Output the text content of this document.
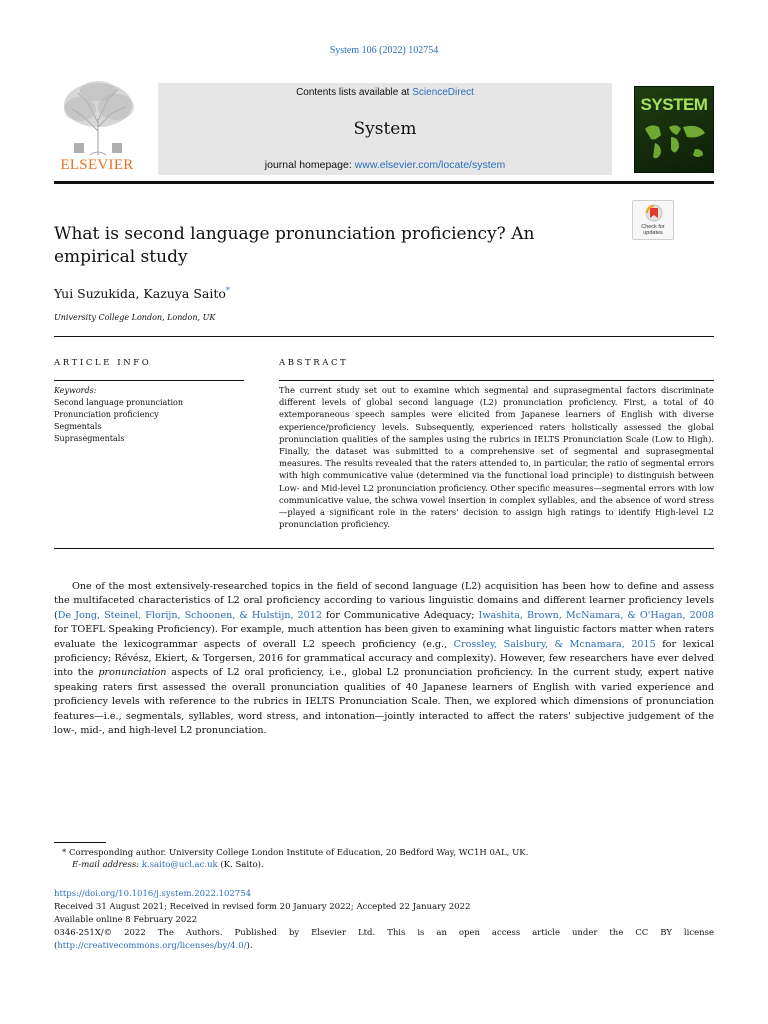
System 106 (2022) 102754
ELSEVIER
Contents lists available at ScienceDirect
System
journal homepage: www.elsevier.com/locate/system
SYSTEM
What is second language pronunciation proficiency? An empirical study
Check for
updates
Yui Suzukida, Kazuya Saito*
University College London, London, UK
ARTICLE INFO	ABSTRACT
Keywords:
Second language pronunciation
Pronunciation proficiency
Segmentals
Suprasegmentals
The current study set out to examine which segmental and suprasegmental factors discriminate different levels of global second language (L2) pronunciation proficiency. First, a total of 40 extemporaneous speech samples were elicited from Japanese learners of English with diverse experience/proficiency levels. Subsequently, experienced raters holistically assessed the global pronunciation qualities of the samples using the rubrics in IELTS Pronunciation Scale (Low to High). Finally, the dataset was submitted to a comprehensive set of segmental and suprasegmental measures. The results revealed that the raters attended to, in particular, the ratio of segmental errors with high communicative value (determined via the functional load principle) to distinguish between Low- and Mid-level L2 pronunciation proficiency. Other specific measures—segmental errors with low communicative value, the schwa vowel insertion in complex syllables, and the absence of word stress—played a significant role in the raters' decision to assign high ratings to identify High-level L2 pronunciation proficiency.
One of the most extensively-researched topics in the field of second language (L2) acquisition has been how to define and assess the multifaceted characteristics of L2 oral proficiency according to various linguistic domains and different learner proficiency levels (De Jong, Steinel, Florijn, Schoonen, & Hulstijn, 2012 for Communicative Adequacy; Iwashita, Brown, McNamara, & O'Hagan, 2008 for TOEFL Speaking Proficiency). For example, much attention has been given to examining what linguistic factors matter when raters evaluate the lexicogrammar aspects of overall L2 speech proficiency (e.g., Crossley, Salsbury, & Mcnamara, 2015 for lexical proficiency; Révész, Ekiert, & Torgersen, 2016 for grammatical accuracy and complexity). However, few researchers have ever delved into the pronunciation aspects of L2 oral proficiency, i.e., global L2 pronunciation proficiency. In the current study, expert native speaking raters first assessed the overall pronunciation qualities of 40 Japanese learners of English with varied experience and proficiency levels with reference to the rubrics in IELTS Pronunciation Scale. Then, we explored which dimensions of pronunciation features—i.e., segmentals, syllables, word stress, and intonation—jointly interacted to affect the raters' subjective judgement of the low-, mid-, and high-level L2 pronunciation.
* Corresponding author. University College London Institute of Education, 20 Bedford Way, WC1H 0AL, UK.
E-mail address: k.saito@ucl.ac.uk (K. Saito).
https://doi.org/10.1016/j.system.2022.102754
Received 31 August 2021; Received in revised form 20 January 2022; Accepted 22 January 2022
Available online 8 February 2022
0346-251X/© 2022 The Authors. Published by Elsevier Ltd. This is an open access article under the CC BY license
(http://creativecommons.org/licenses/by/4.0/).
